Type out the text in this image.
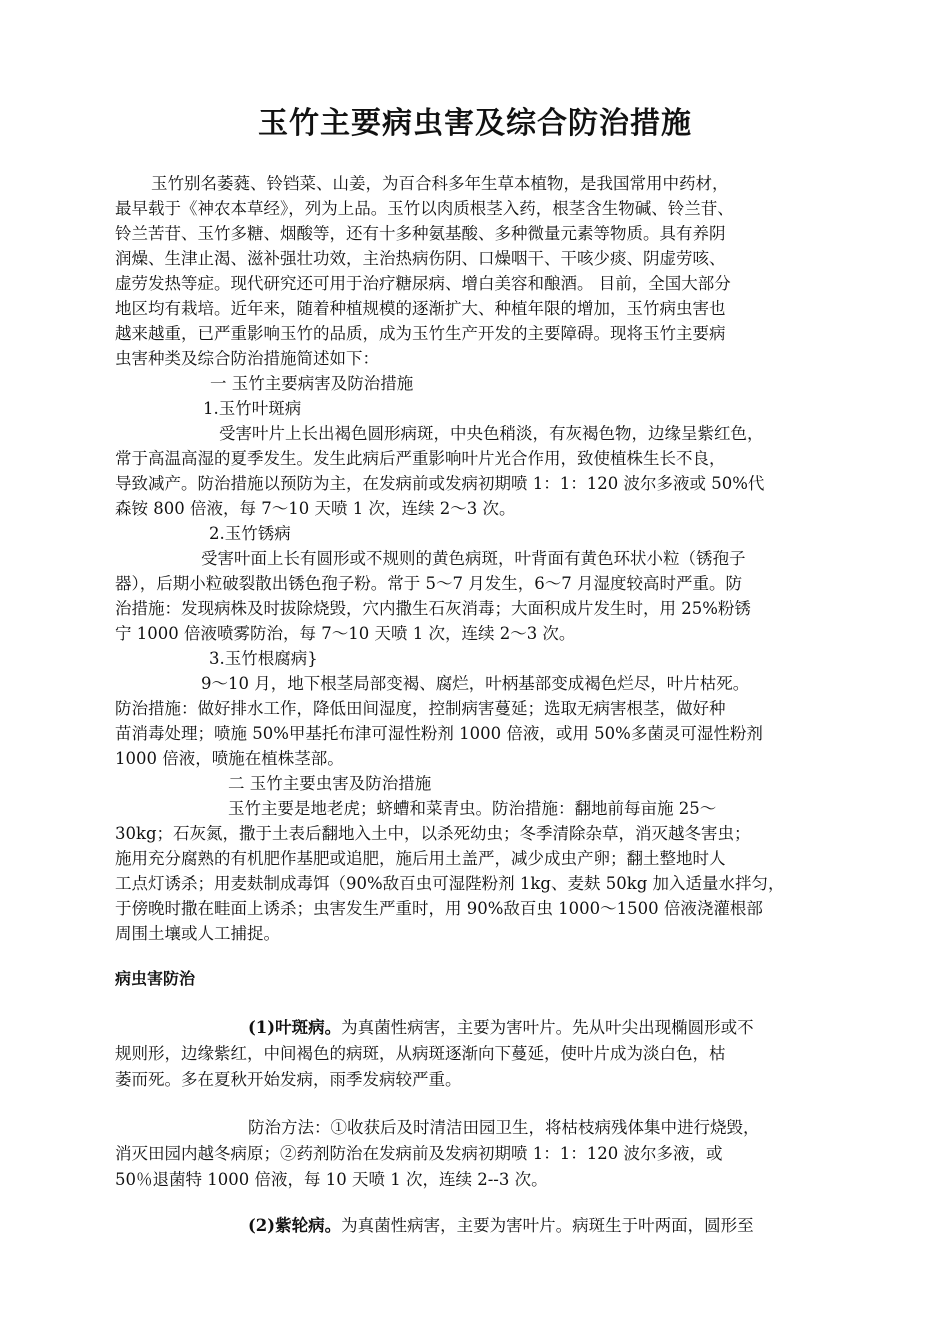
玉竹主要病虫害及综合防治措施
玉竹别名萎蕤、铃铛菜、山姜，为百合科多年生草本植物，是我国常用中药材，
最早载于《神农本草经》，列为上品。玉竹以肉质根茎入药，根茎含生物碱、铃兰苷、
铃兰苦苷、玉竹多糖、烟酸等，还有十多种氨基酸、多种微量元素等物质。具有养阴
润燥、生津止渴、滋补强壮功效，主治热病伤阴、口燥咽干、干咳少痰、阴虚劳咳、
虚劳发热等症。现代研究还可用于治疗糖尿病、增白美容和酿酒。 目前，全国大部分
地区均有栽培。近年来，随着种植规模的逐渐扩大、种植年限的增加，玉竹病虫害也
越来越重，已严重影响玉竹的品质，成为玉竹生产开发的主要障碍。现将玉竹主要病
虫害种类及综合防治措施简述如下：
一 玉竹主要病害及防治措施
1.玉竹叶斑病
受害叶片上长出褐色圆形病斑，中央色稍淡，有灰褐色物，边缘呈紫红色，
常于高温高湿的夏季发生。发生此病后严重影响叶片光合作用，致使植株生长不良，
导致减产。防治措施以预防为主，在发病前或发病初期喷 1：1：120 波尔多液或 50%代
森铵 800 倍液，每 7～10 天喷 1 次，连续 2～3 次。
2.玉竹锈病
受害叶面上长有圆形或不规则的黄色病斑，叶背面有黄色环状小粒（锈孢子
器），后期小粒破裂散出锈色孢子粉。常于 5～7 月发生，6～7 月湿度较高时严重。防
治措施：发现病株及时拔除烧毁，穴内撒生石灰消毒；大面积成片发生时，用 25%粉锈
宁 1000 倍液喷雾防治，每 7～10 天喷 1 次，连续 2～3 次。
3.玉竹根腐病}
9～10 月，地下根茎局部变褐、腐烂，叶柄基部变成褐色烂尽，叶片枯死。
防治措施：做好排水工作，降低田间湿度，控制病害蔓延；选取无病害根茎，做好种
苗消毒处理；喷施 50%甲基托布津可湿性粉剂 1000 倍液，或用 50%多菌灵可湿性粉剂
1000 倍液，喷施在植株茎部。
二 玉竹主要虫害及防治措施
玉竹主要是地老虎；蛴螬和菜青虫。防治措施：翻地前每亩施 25～
30kg；石灰氮，撒于土表后翻地入土中，以杀死幼虫；冬季清除杂草，消灭越冬害虫；
施用充分腐熟的有机肥作基肥或追肥，施后用土盖严，减少成虫产卵；翻土整地时人
工点灯诱杀；用麦麸制成毒饵（90%敌百虫可湿陛粉剂 1kg、麦麸 50kg 加入适量水拌匀，
于傍晚时撒在畦面上诱杀；虫害发生严重时，用 90%敌百虫 1000～1500 倍液浇灌根部
周围土壤或人工捕捉。
病虫害防治
(1)叶斑病。为真菌性病害，主要为害叶片。先从叶尖出现椭圆形或不
规则形，边缘紫红，中间褐色的病斑，从病斑逐渐向下蔓延，使叶片成为淡白色，枯
萎而死。多在夏秋开始发病，雨季发病较严重。
防治方法：①收获后及时清洁田园卫生，将枯枝病残体集中进行烧毁，
消灭田园内越冬病原；②药剂防治在发病前及发病初期喷 1：1：120 波尔多液，或
50％退菌特 1000 倍液，每 10 天喷 1 次，连续 2--3 次。
(2)紫轮病。为真菌性病害，主要为害叶片。病斑生于叶两面，圆形至
